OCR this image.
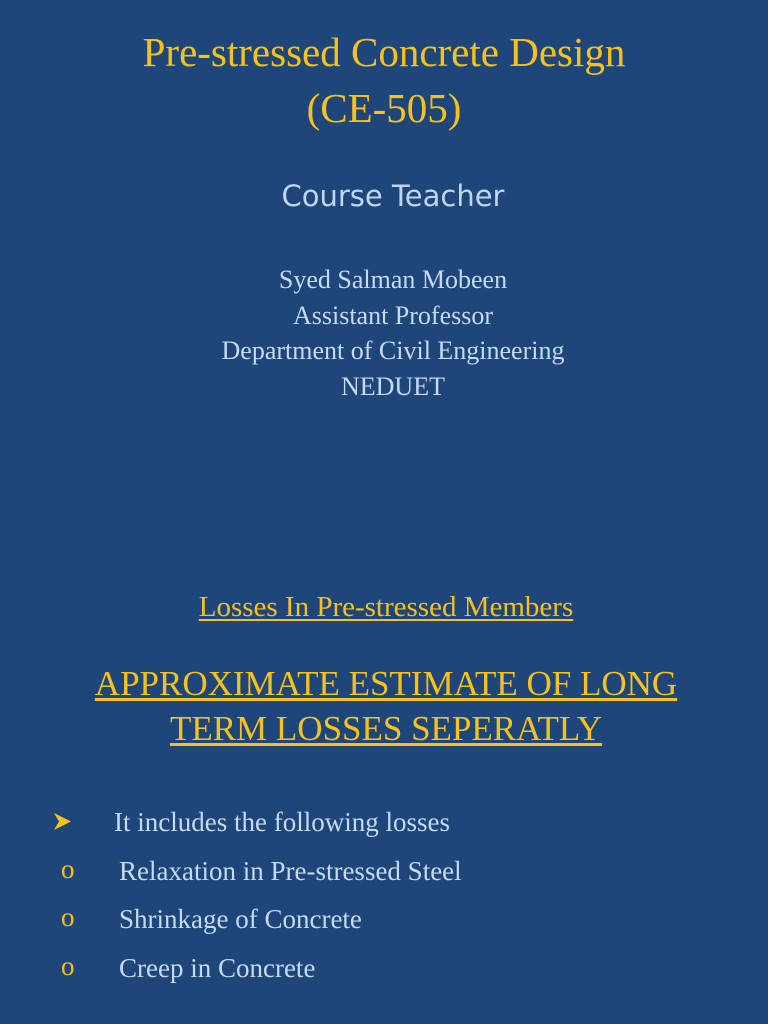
Pre-stressed Concrete Design
(CE-505)
Course Teacher
Syed Salman Mobeen
Assistant Professor
Department of Civil Engineering
NEDUET
Losses In Pre-stressed Members
APPROXIMATE ESTIMATE OF LONG
TERM LOSSES SEPERATLY
It includes the following losses
o Relaxation in Pre-stressed Steel
o Shrinkage of Concrete
o Creep in Concrete
